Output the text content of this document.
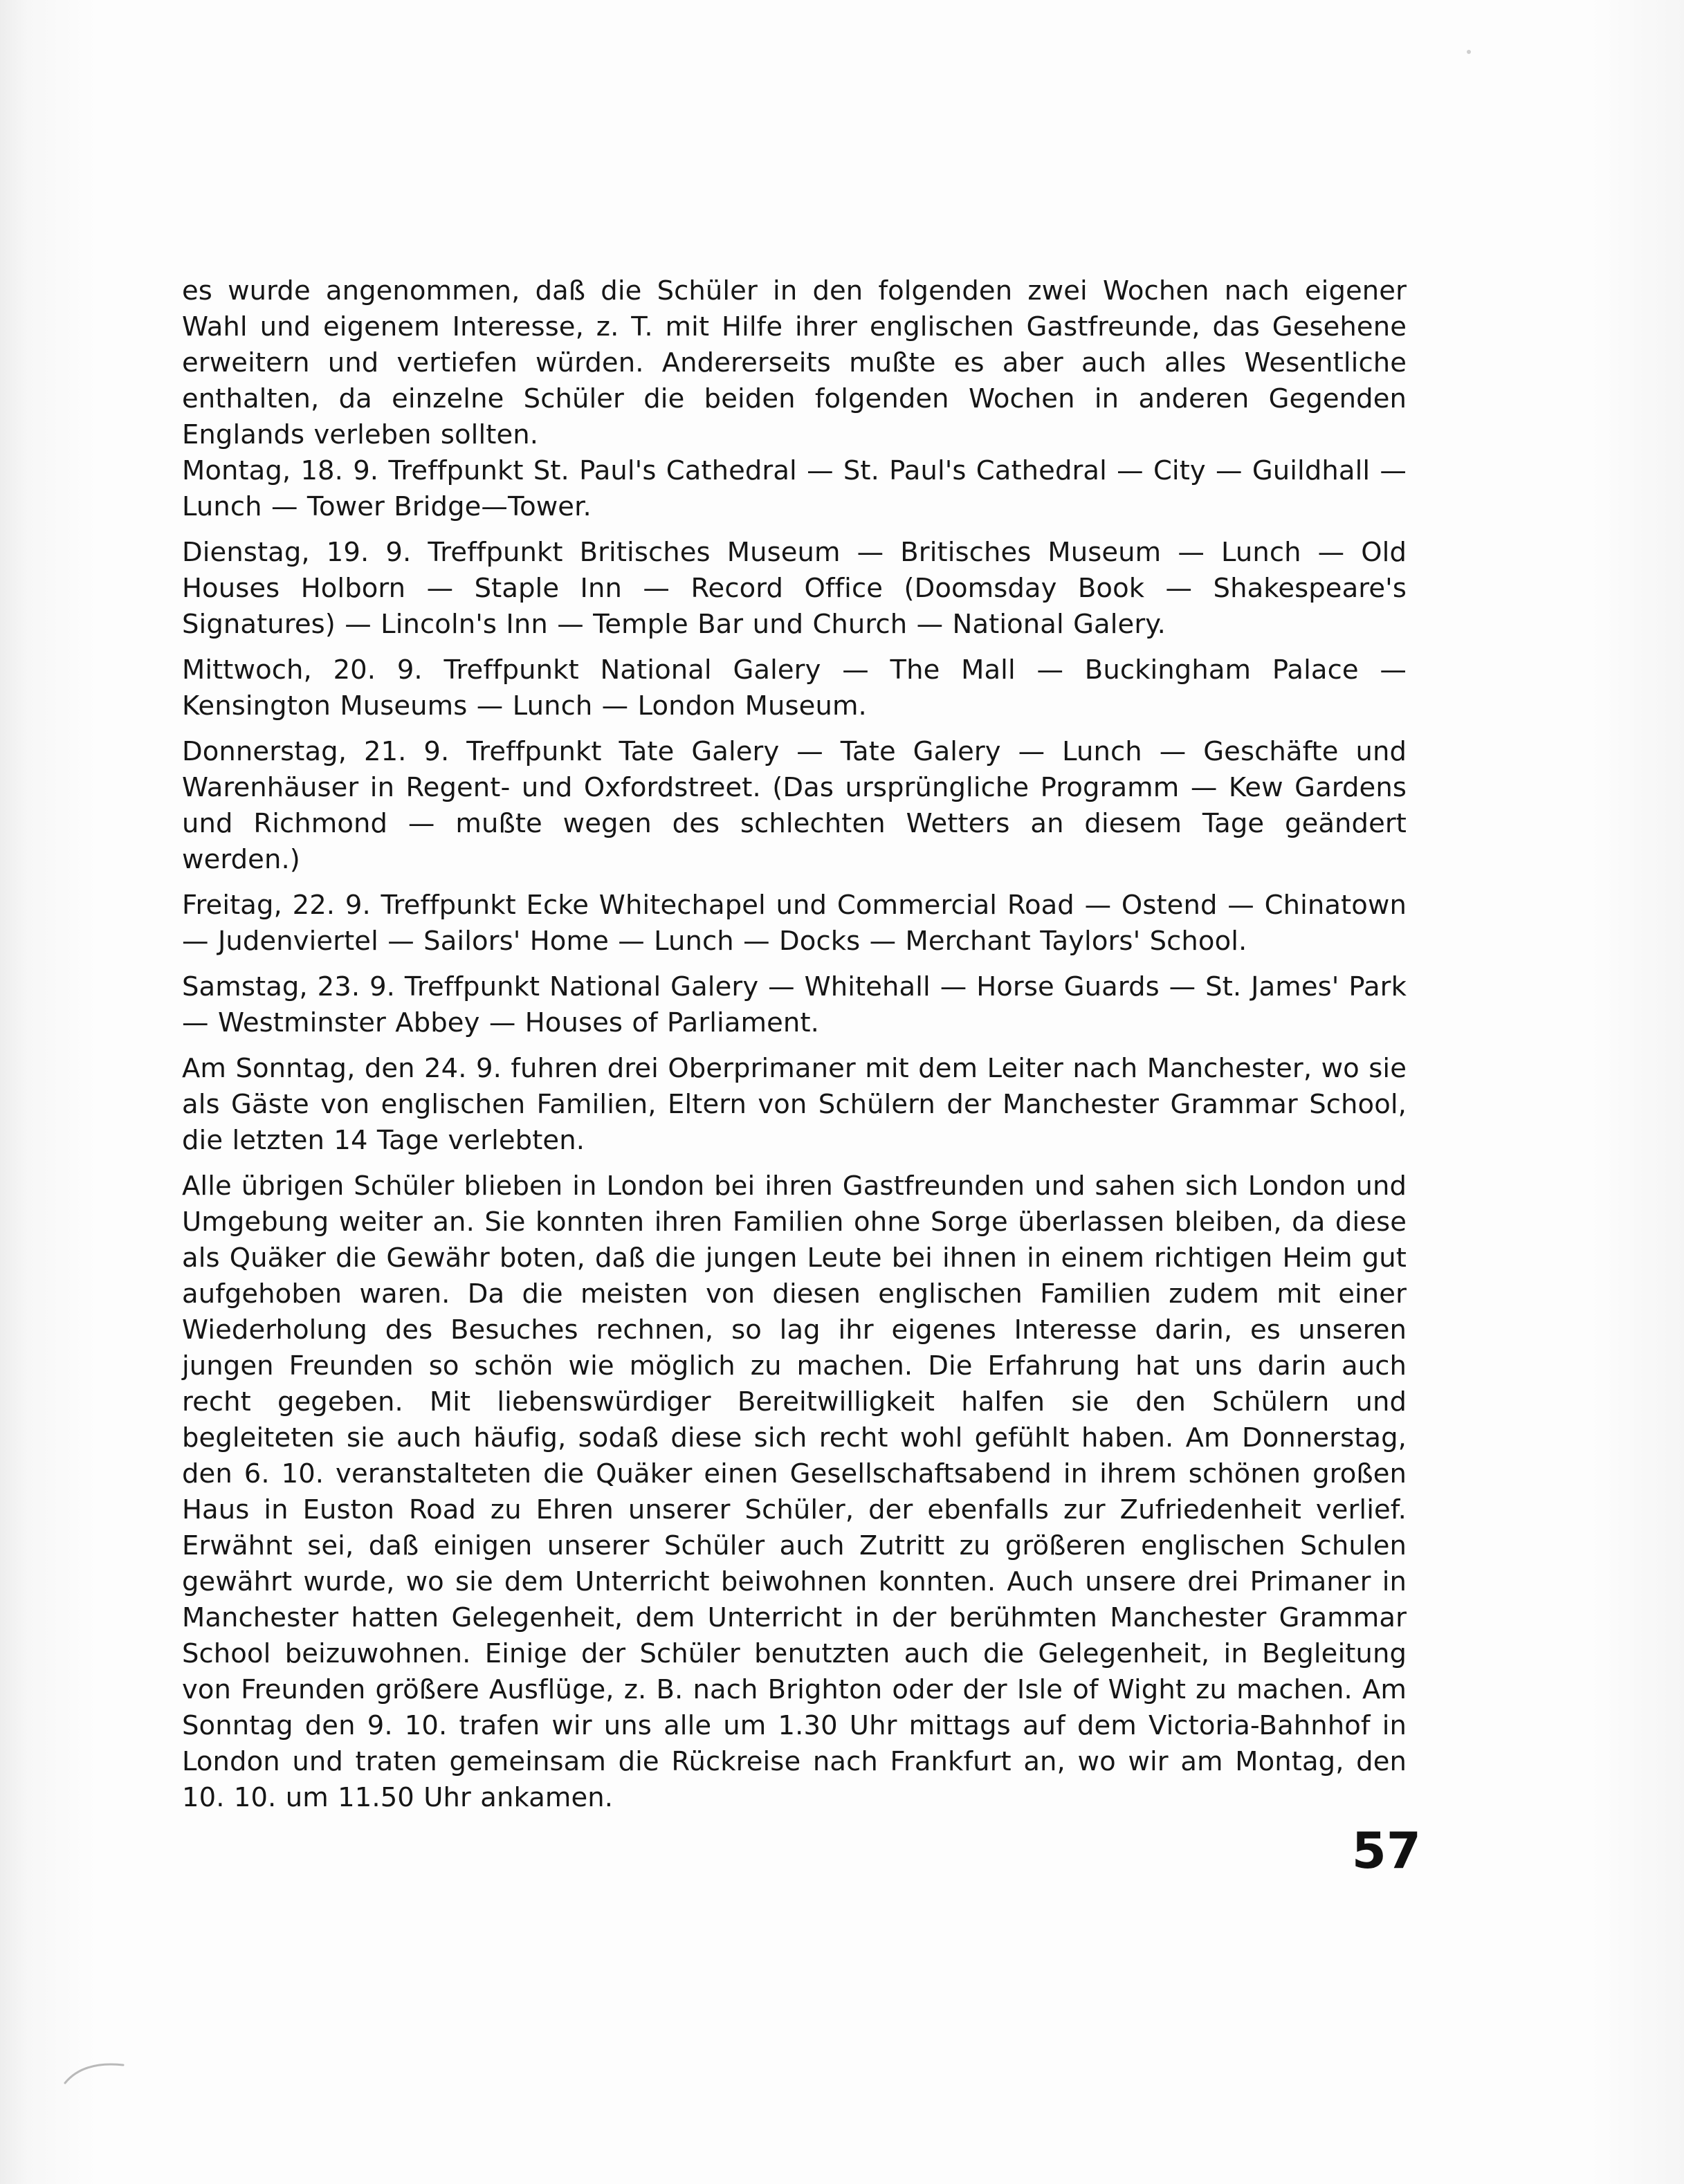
es wurde angenommen, daß die Schüler in den folgenden zwei Wochen nach eigener Wahl und eigenem Interesse, z. T. mit Hilfe ihrer englischen Gastfreunde, das Gesehene erweitern und vertiefen würden. Andererseits mußte es aber auch alles Wesentliche enthalten, da einzelne Schüler die beiden folgenden Wochen in anderen Gegenden Englands verleben sollten.

Montag, 18. 9. Treffpunkt St. Paul's Cathedral — St. Paul's Cathedral — City — Guildhall — Lunch — Tower Bridge—Tower.

Dienstag, 19. 9. Treffpunkt Britisches Museum — Britisches Museum — Lunch — Old Houses Holborn — Staple Inn — Record Office (Doomsday Book — Shakespeare's Signatures) — Lincoln's Inn — Temple Bar und Church — National Galery.

Mittwoch, 20. 9. Treffpunkt National Galery — The Mall — Buckingham Palace — Kensington Museums — Lunch — London Museum.

Donnerstag, 21. 9. Treffpunkt Tate Galery — Tate Galery — Lunch — Geschäfte und Warenhäuser in Regent- und Oxfordstreet. (Das ursprüngliche Programm — Kew Gardens und Richmond — mußte wegen des schlechten Wetters an diesem Tage geändert werden.)

Freitag, 22. 9. Treffpunkt Ecke Whitechapel und Commercial Road — Ostend — Chinatown — Judenviertel — Sailors' Home — Lunch — Docks — Merchant Taylors' School.

Samstag, 23. 9. Treffpunkt National Galery — Whitehall — Horse Guards — St. James' Park — Westminster Abbey — Houses of Parliament.

Am Sonntag, den 24. 9. fuhren drei Oberprimaner mit dem Leiter nach Manchester, wo sie als Gäste von englischen Familien, Eltern von Schülern der Manchester Grammar School, die letzten 14 Tage verlebten.

Alle übrigen Schüler blieben in London bei ihren Gastfreunden und sahen sich London und Umgebung weiter an. Sie konnten ihren Familien ohne Sorge überlassen bleiben, da diese als Quäker die Gewähr boten, daß die jungen Leute bei ihnen in einem richtigen Heim gut aufgehoben waren. Da die meisten von diesen englischen Familien zudem mit einer Wiederholung des Besuches rechnen, so lag ihr eigenes Interesse darin, es unseren jungen Freunden so schön wie möglich zu machen. Die Erfahrung hat uns darin auch recht gegeben. Mit liebenswürdiger Bereitwilligkeit halfen sie den Schülern und begleiteten sie auch häufig, sodaß diese sich recht wohl gefühlt haben. Am Donnerstag, den 6. 10. veranstalteten die Quäker einen Gesellschaftsabend in ihrem schönen großen Haus in Euston Road zu Ehren unserer Schüler, der ebenfalls zur Zufriedenheit verlief. Erwähnt sei, daß einigen unserer Schüler auch Zutritt zu größeren englischen Schulen gewährt wurde, wo sie dem Unterricht beiwohnen konnten. Auch unsere drei Primaner in Manchester hatten Gelegenheit, dem Unterricht in der berühmten Manchester Grammar School beizuwohnen. Einige der Schüler benutzten auch die Gelegenheit, in Begleitung von Freunden größere Ausflüge, z. B. nach Brighton oder der Isle of Wight zu machen. Am Sonntag den 9. 10. trafen wir uns alle um 1.30 Uhr mittags auf dem Victoria-Bahnhof in London und traten gemeinsam die Rückreise nach Frankfurt an, wo wir am Montag, den 10. 10. um 11.50 Uhr ankamen.

57
